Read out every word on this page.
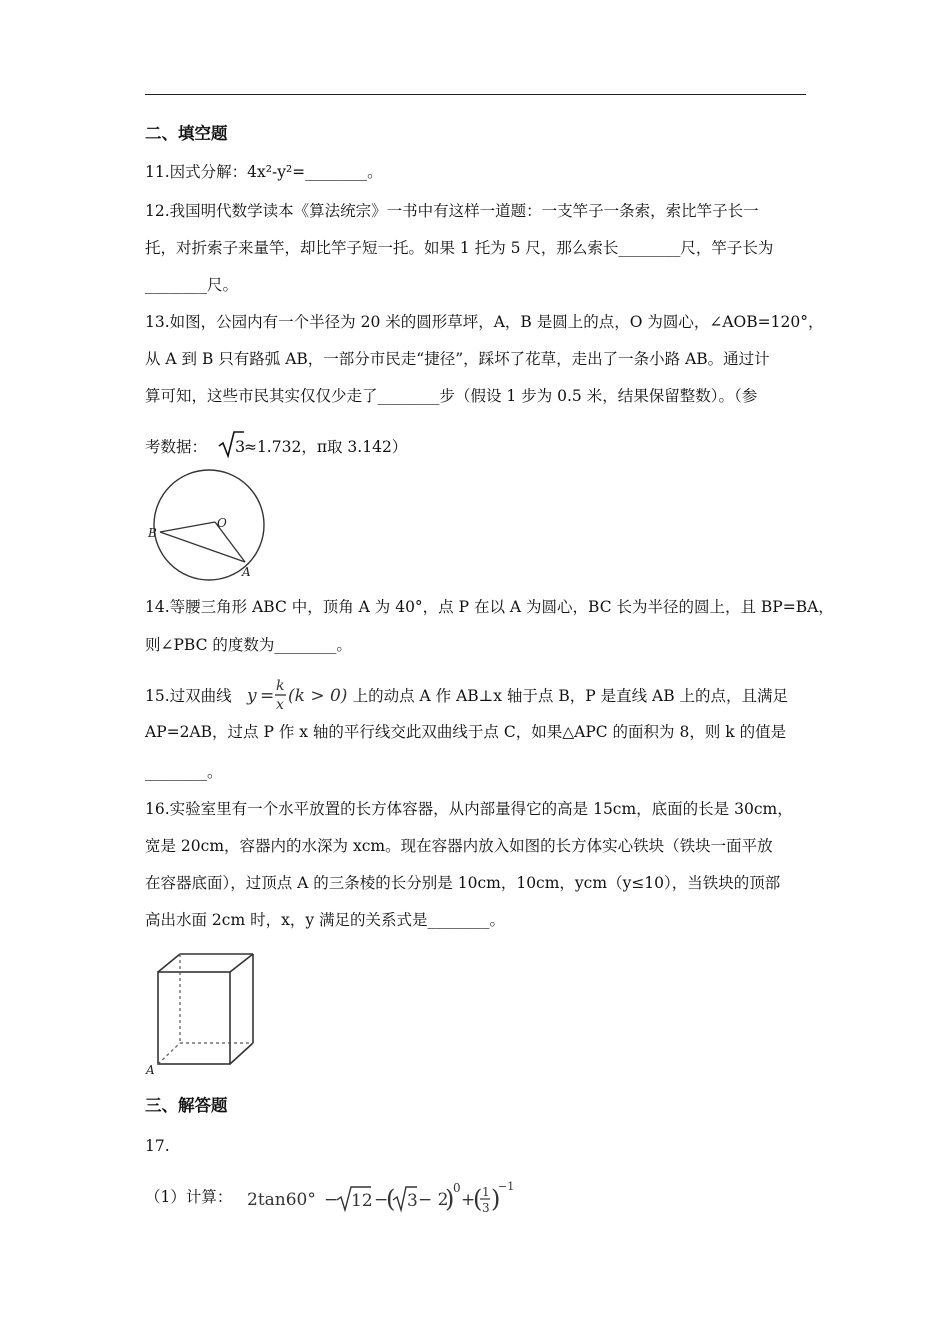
二、填空题
11.因式分解：4x²-y²=________。
12.我国明代数学读本《算法统宗》一书中有这样一道题：一支竿子一条索，索比竿子长一
托，对折索子来量竿，却比竿子短一托。如果 1 托为 5 尺，那么索长________尺，竿子长为
________尺。
13.如图，公园内有一个半径为 20 米的圆形草坪，A，B 是圆上的点，O 为圆心，∠AOB=120°，
从 A 到 B 只有路弧 AB，一部分市民走“捷径”，踩坏了花草，走出了一条小路 AB。通过计
算可知，这些市民其实仅仅少走了________步（假设 1 步为 0.5 米，结果保留整数）。（参
考数据： 3
≈1.732，π取 3.142）
O
B
A
14.等腰三角形 ABC 中，顶角 A 为 40°，点 P 在以 A 为圆心，BC 长为半径的圆上，且 BP=BA，
则∠PBC 的度数为________。
15.过双曲线 y = k
x (k > 0) 上的动点 A 作 AB⊥x 轴于点 B，P 是直线 AB 上的点，且满足
AP=2AB，过点 P 作 x 轴的平行线交此双曲线于点 C，如果△APC 的面积为 8，则 k 的值是
________。
16.实验室里有一个水平放置的长方体容器，从内部量得它的高是 15cm，底面的长是 30cm，
宽是 20cm，容器内的水深为 xcm。现在容器内放入如图的长方体实心铁块（铁块一面平放
在容器底面），过顶点 A 的三条棱的长分别是 10cm，10cm，ycm（y≤10），当铁块的顶部
高出水面 2cm 时，x，y 满足的关系式是________。
A
三、解答题
17.
（1）计算： 2tan60° − 12 −
( 3 − 2
)
0
+
( 1
3 )
−1
